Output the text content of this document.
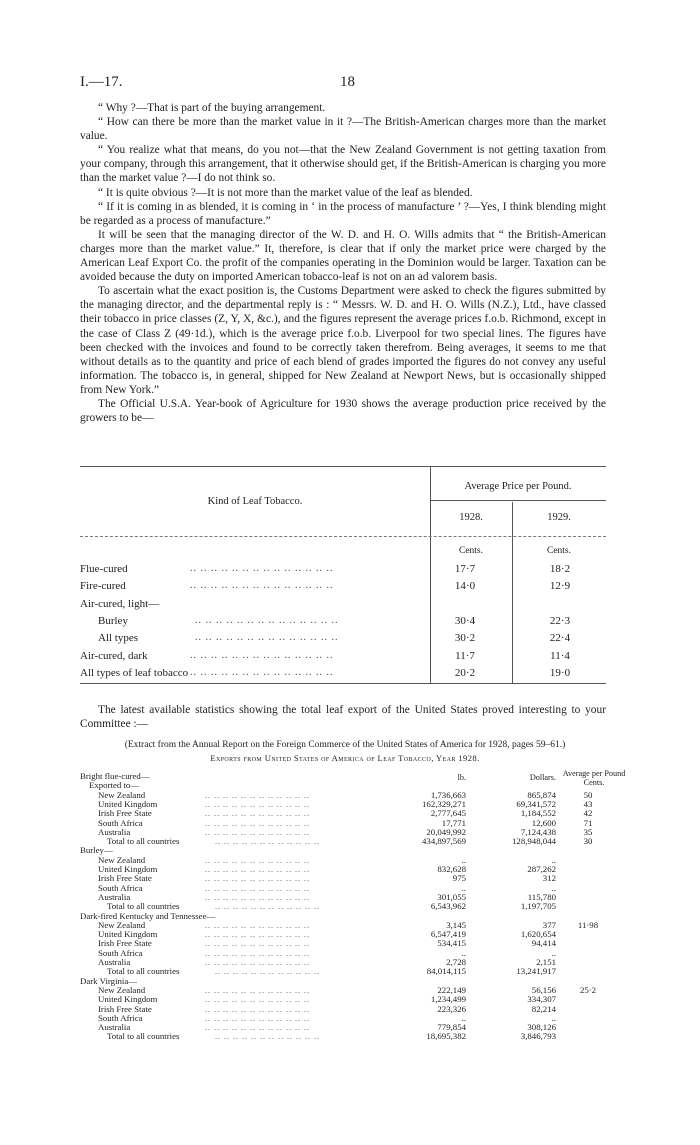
I.—17.	18

“ Why ?—That is part of the buying arrangement.

“ How can there be more than the market value in it ?—The British-American charges more than the market value.

“ You realize what that means, do you not—that the New Zealand Government is not getting taxation from your company, through this arrangement, that it otherwise should get, if the British-American is charging you more than the market value ?—I do not think so.

“ It is quite obvious ?—It is not more than the market value of the leaf as blended.

“ If it is coming in as blended, it is coming in ‘ in the process of manufacture ’ ?—Yes, I think blending might be regarded as a process of manufacture.”

It will be seen that the managing director of the W. D. and H. O. Wills admits that “ the British-American charges more than the market value.” It, therefore, is clear that if only the market price were charged by the American Leaf Export Co. the profit of the companies operating in the Dominion would be larger. Taxation can be avoided because the duty on imported American tobacco-leaf is not on an ad valorem basis.

To ascertain what the exact position is, the Customs Department were asked to check the figures submitted by the managing director, and the departmental reply is : “ Messrs. W. D. and H. O. Wills (N.Z.), Ltd., have classed their tobacco in price classes (Z, Y, X, &c.), and the figures represent the average prices f.o.b. Richmond, except in the case of Class Z (49·1d.), which is the average price f.o.b. Liverpool for two special lines. The figures have been checked with the invoices and found to be correctly taken therefrom. Being averages, it seems to me that without details as to the quantity and price of each blend of grades imported the figures do not convey any useful information. The tobacco is, in general, shipped for New Zealand at Newport News, but is occasionally shipped from New York.”

The Official U.S.A. Year-book of Agriculture for 1930 shows the average production price received by the growers to be—

Kind of Leaf Tobacco.
Average Price per Pound.
1928.	1929.
Cents.	Cents.
Flue-cured	.. .. .. .. .. .. .. .. .. .. .. .. .. ..	17·7	18·2
Fire-cured	.. .. .. .. .. .. .. .. .. .. .. .. .. ..	14·0	12·9
Air-cured, light—
Burley	.. .. .. .. .. .. .. .. .. .. .. .. .. ..	30·4	22·3
All types	.. .. .. .. .. .. .. .. .. .. .. .. .. ..	30·2	22·4
Air-cured, dark	.. .. .. .. .. .. .. .. .. .. .. .. .. ..	11·7	11·4
All types of leaf tobacco .. .. .. .. .. .. .. .. .. .. .. .. .. ..	20·2	19·0

The latest available statistics showing the total leaf export of the United States proved interesting to your Committee :—

(Extract from the Annual Report on the Foreign Commerce of the United States of America for 1928, pages 59–61.)
Exports from United States of America of Leaf Tobacco, Year 1928.
lb.	Dollars. Average per Pound
Cents.
Bright flue-cured—
Exported to—
New Zealand	.. .. .. .. .. .. .. .. .. .. .. ..	1,736,663	865,874	50
United Kingdom	.. .. .. .. .. .. .. .. .. .. .. ..	162,329,271	69,341,572	43
Irish Free State	.. .. .. .. .. .. .. .. .. .. .. ..	2,777,645	1,184,552	42
South Africa	.. .. .. .. .. .. .. .. .. .. .. ..	17,771	12,600	71
Australia	.. .. .. .. .. .. .. .. .. .. .. ..	20,049,992	7,124,438	35
Total to all countries	.. .. .. .. .. .. .. .. .. .. .. ..	434,897,569	128,948,044	30
Burley—
New Zealand	.. .. .. .. .. .. .. .. .. .. .. ..	..	..
United Kingdom	.. .. .. .. .. .. .. .. .. .. .. ..	832,628	287,262
Irish Free State	.. .. .. .. .. .. .. .. .. .. .. ..	975	312
South Africa	.. .. .. .. .. .. .. .. .. .. .. ..	..	..
Australia	.. .. .. .. .. .. .. .. .. .. .. ..	301,055	115,780
Total to all countries	.. .. .. .. .. .. .. .. .. .. .. ..	6,543,962	1,197,705
Dark-fired Kentucky and Tennessee—
New Zealand	.. .. .. .. .. .. .. .. .. .. .. ..	3,145	377	11·98
United Kingdom	.. .. .. .. .. .. .. .. .. .. .. ..	6,547,419	1,620,654
Irish Free State	.. .. .. .. .. .. .. .. .. .. .. ..	534,415	94,414
South Africa	.. .. .. .. .. .. .. .. .. .. .. ..	..	..
Australia	.. .. .. .. .. .. .. .. .. .. .. ..	2,728	2,151
Total to all countries	.. .. .. .. .. .. .. .. .. .. .. ..	84,014,115	13,241,917
Dark Virginia—
New Zealand	.. .. .. .. .. .. .. .. .. .. .. ..	222,149	56,156	25·2
United Kingdom	.. .. .. .. .. .. .. .. .. .. .. ..	1,234,499	334,307
Irish Free State	.. .. .. .. .. .. .. .. .. .. .. ..	223,326	82,214
South Africa	.. .. .. .. .. .. .. .. .. .. .. ..	..	..
Australia	.. .. .. .. .. .. .. .. .. .. .. ..	779,854	308,126
Total to all countries	.. .. .. .. .. .. .. .. .. .. .. ..	18,695,382	3,846,793
